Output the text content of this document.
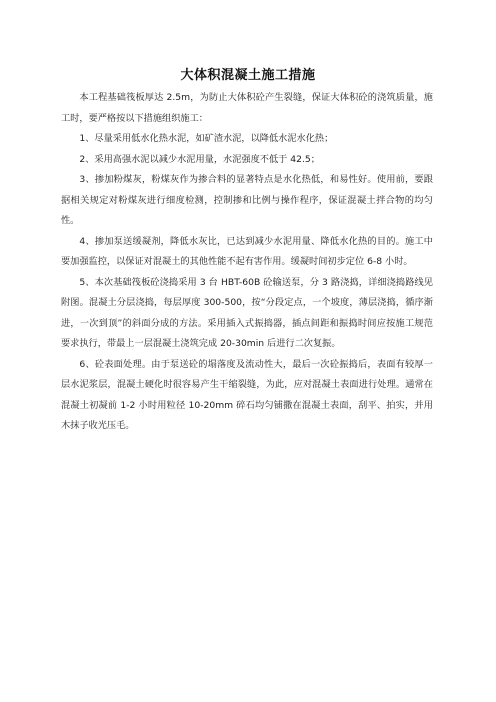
大体积混凝土施工措施

本工程基础筏板厚达 2.5m，为防止大体积砼产生裂缝，保证大体积砼的浇筑质量，施工时，要严格按以下措施组织施工：

1、尽量采用低水化热水泥，如矿渣水泥，以降低水泥水化热；

2、采用高强水泥以减少水泥用量，水泥强度不低于 42.5；

3、掺加粉煤灰，粉煤灰作为掺合料的显著特点是水化热低，和易性好。使用前，要跟据相关规定对粉煤灰进行细度检测，控制掺和比例与操作程序，保证混凝土拌合物的均匀性。

4、掺加泵送缓凝剂，降低水灰比，已达到减少水泥用量、降低水化热的目的。施工中要加强监控，以保证对混凝土的其他性能不起有害作用。缓凝时间初步定位 6-8 小时。

5、本次基础筏板砼浇捣采用 3 台 HBT-60B 砼输送泵，分 3 路浇捣，详细浇捣路线见附图。混凝土分层浇捣，每层厚度 300-500，按“分段定点，一个坡度，薄层浇捣，循序渐进，一次到顶”的斜面分成的方法。采用插入式振捣器，插点间距和振捣时间应按施工规范要求执行，带最上一层混凝土浇筑完成 20-30min 后进行二次复振。

6、砼表面处理。由于泵送砼的塌落度及流动性大，最后一次砼振捣后，表面有较厚一层水泥浆层，混凝土硬化时很容易产生干缩裂缝，为此，应对混凝土表面进行处理。通常在混凝土初凝前 1-2 小时用粒径 10-20mm 碎石均匀铺撒在混凝土表面，刮平、拍实，并用木抹子收光压毛。
